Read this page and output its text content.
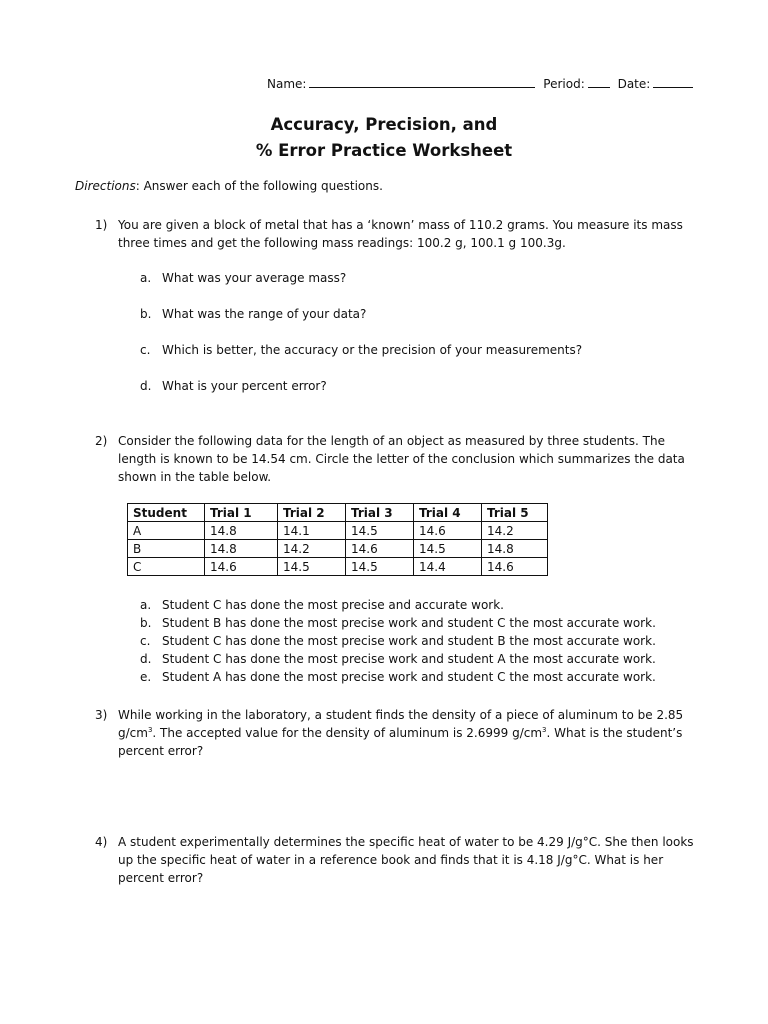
Name:	Period:	Date:
Accuracy, Precision, and
% Error Practice Worksheet
Directions: Answer each of the following questions.
1) You are given a block of metal that has a ‘known’ mass of 110.2 grams. You measure its mass three times and get the following mass readings: 100.2 g, 100.1 g 100.3g.
a. What was your average mass?
b. What was the range of your data?
c. Which is better, the accuracy or the precision of your measurements?
d. What is your percent error?
2) Consider the following data for the length of an object as measured by three students. The length is known to be 14.54 cm. Circle the letter of the conclusion which summarizes the data shown in the table below.
Student	Trial 1	Trial 2	Trial 3	Trial 4	Trial 5
A	14.8	14.1	14.5	14.6	14.2
B	14.8	14.2	14.6	14.5	14.8
C	14.6	14.5	14.5	14.4	14.6
a. Student C has done the most precise and accurate work.
b. Student B has done the most precise work and student C the most accurate work.
c. Student C has done the most precise work and student B the most accurate work.
d. Student C has done the most precise work and student A the most accurate work.
e. Student A has done the most precise work and student C the most accurate work.
3) While working in the laboratory, a student finds the density of a piece of aluminum to be 2.85 $g/cm^3$. The accepted value for the density of aluminum is 2.6999 $g/cm^3$. What is the student’s percent error?
4) A student experimentally determines the specific heat of water to be 4.29 J/g°C. She then looks up the specific heat of water in a reference book and finds that it is 4.18 J/g°C. What is her percent error?
